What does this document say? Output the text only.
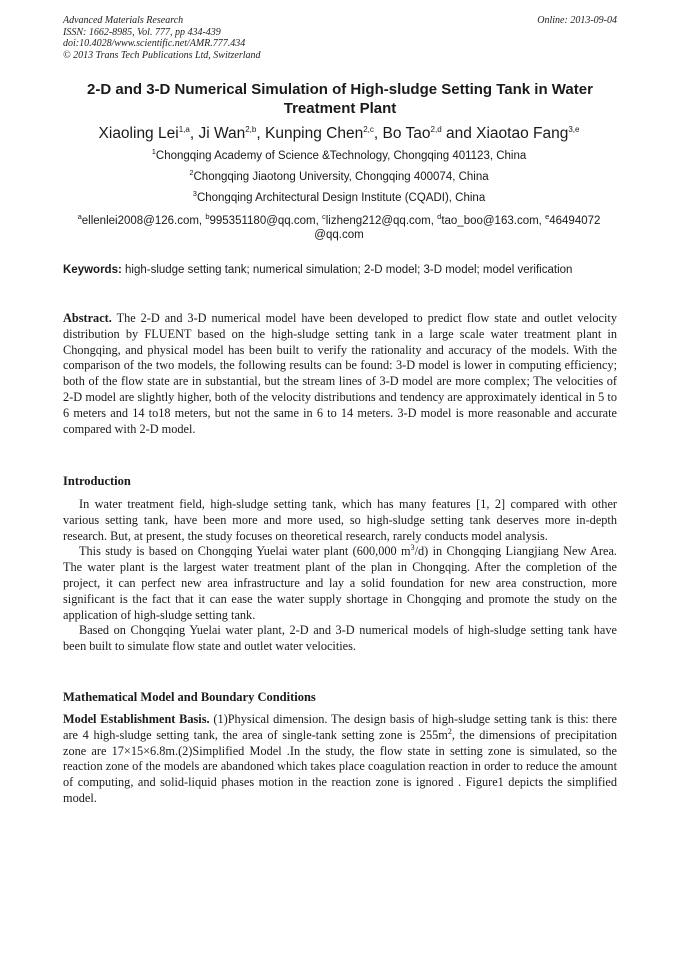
Advanced Materials Research
ISSN: 1662-8985, Vol. 777, pp 434-439
doi:10.4028/www.scientific.net/AMR.777.434
© 2013 Trans Tech Publications Ltd, Switzerland
Online: 2013-09-04
2-D and 3-D Numerical Simulation of High-sludge Setting Tank in Water Treatment Plant
Xiaoling Lei$^{1,a}$, Ji Wan$^{2,b}$, Kunping Chen$^{2,c}$, Bo Tao$^{2,d}$ and Xiaotao Fang$^{3,e}$
$^1$Chongqing Academy of Science &Technology, Chongqing 401123, China
$^2$Chongqing Jiaotong University, Chongqing 400074, China
$^3$Chongqing Architectural Design Institute (CQADI), China
$^a$ellenlei2008@126.com, $^b$995351180@qq.com, $^c$lizheng212@qq.com, $^d$tao_boo@163.com, $^e$46494072 @qq.com
Keywords: high-sludge setting tank; numerical simulation; 2-D model; 3-D model; model verification

Abstract. The 2-D and 3-D numerical model have been developed to predict flow state and outlet velocity distribution by FLUENT based on the high-sludge setting tank in a large scale water treatment plant in Chongqing, and physical model has been built to verify the rationality and accuracy of the models. With the comparison of the two models, the following results can be found: 3-D model is lower in computing efficiency; both of the flow state are in substantial, but the stream lines of 3-D model are more complex; The velocities of 2-D model are slightly higher, both of the velocity distributions and tendency are approximately identical in 5 to 6 meters and 14 to18 meters, but not the same in 6 to 14 meters. 3-D model is more reasonable and accurate compared with 2-D model.

Introduction

In water treatment field, high-sludge setting tank, which has many features [1, 2] compared with other various setting tank, have been more and more used, so high-sludge setting tank deserves more in-depth research. But, at present, the study focuses on theoretical research, rarely conducts model analysis.

This study is based on Chongqing Yuelai water plant (600,000 $m^3/d$) in Chongqing Liangjiang New Area. The water plant is the largest water treatment plant of the plan in Chongqing. After the completion of the project, it can perfect new area infrastructure and lay a solid foundation for new area construction, more significant is the fact that it can ease the water supply shortage in Chongqing and promote the study on the application of high-sludge setting tank.

Based on Chongqing Yuelai water plant, 2-D and 3-D numerical models of high-sludge setting tank have been built to simulate flow state and outlet water velocities.

Mathematical Model and Boundary Conditions

Model Establishment Basis. (1)Physical dimension. The design basis of high-sludge setting tank is this: there are 4 high-sludge setting tank, the area of single-tank setting zone is $255m^2$, the dimensions of precipitation zone are 17×15×6.8m.(2)Simplified Model .In the study, the flow state in setting zone is simulated, so the reaction zone of the models are abandoned which takes place coagulation reaction in order to reduce the amount of computing, and solid-liquid phases motion in the reaction zone is ignored . Figure1 depicts the simplified model.
